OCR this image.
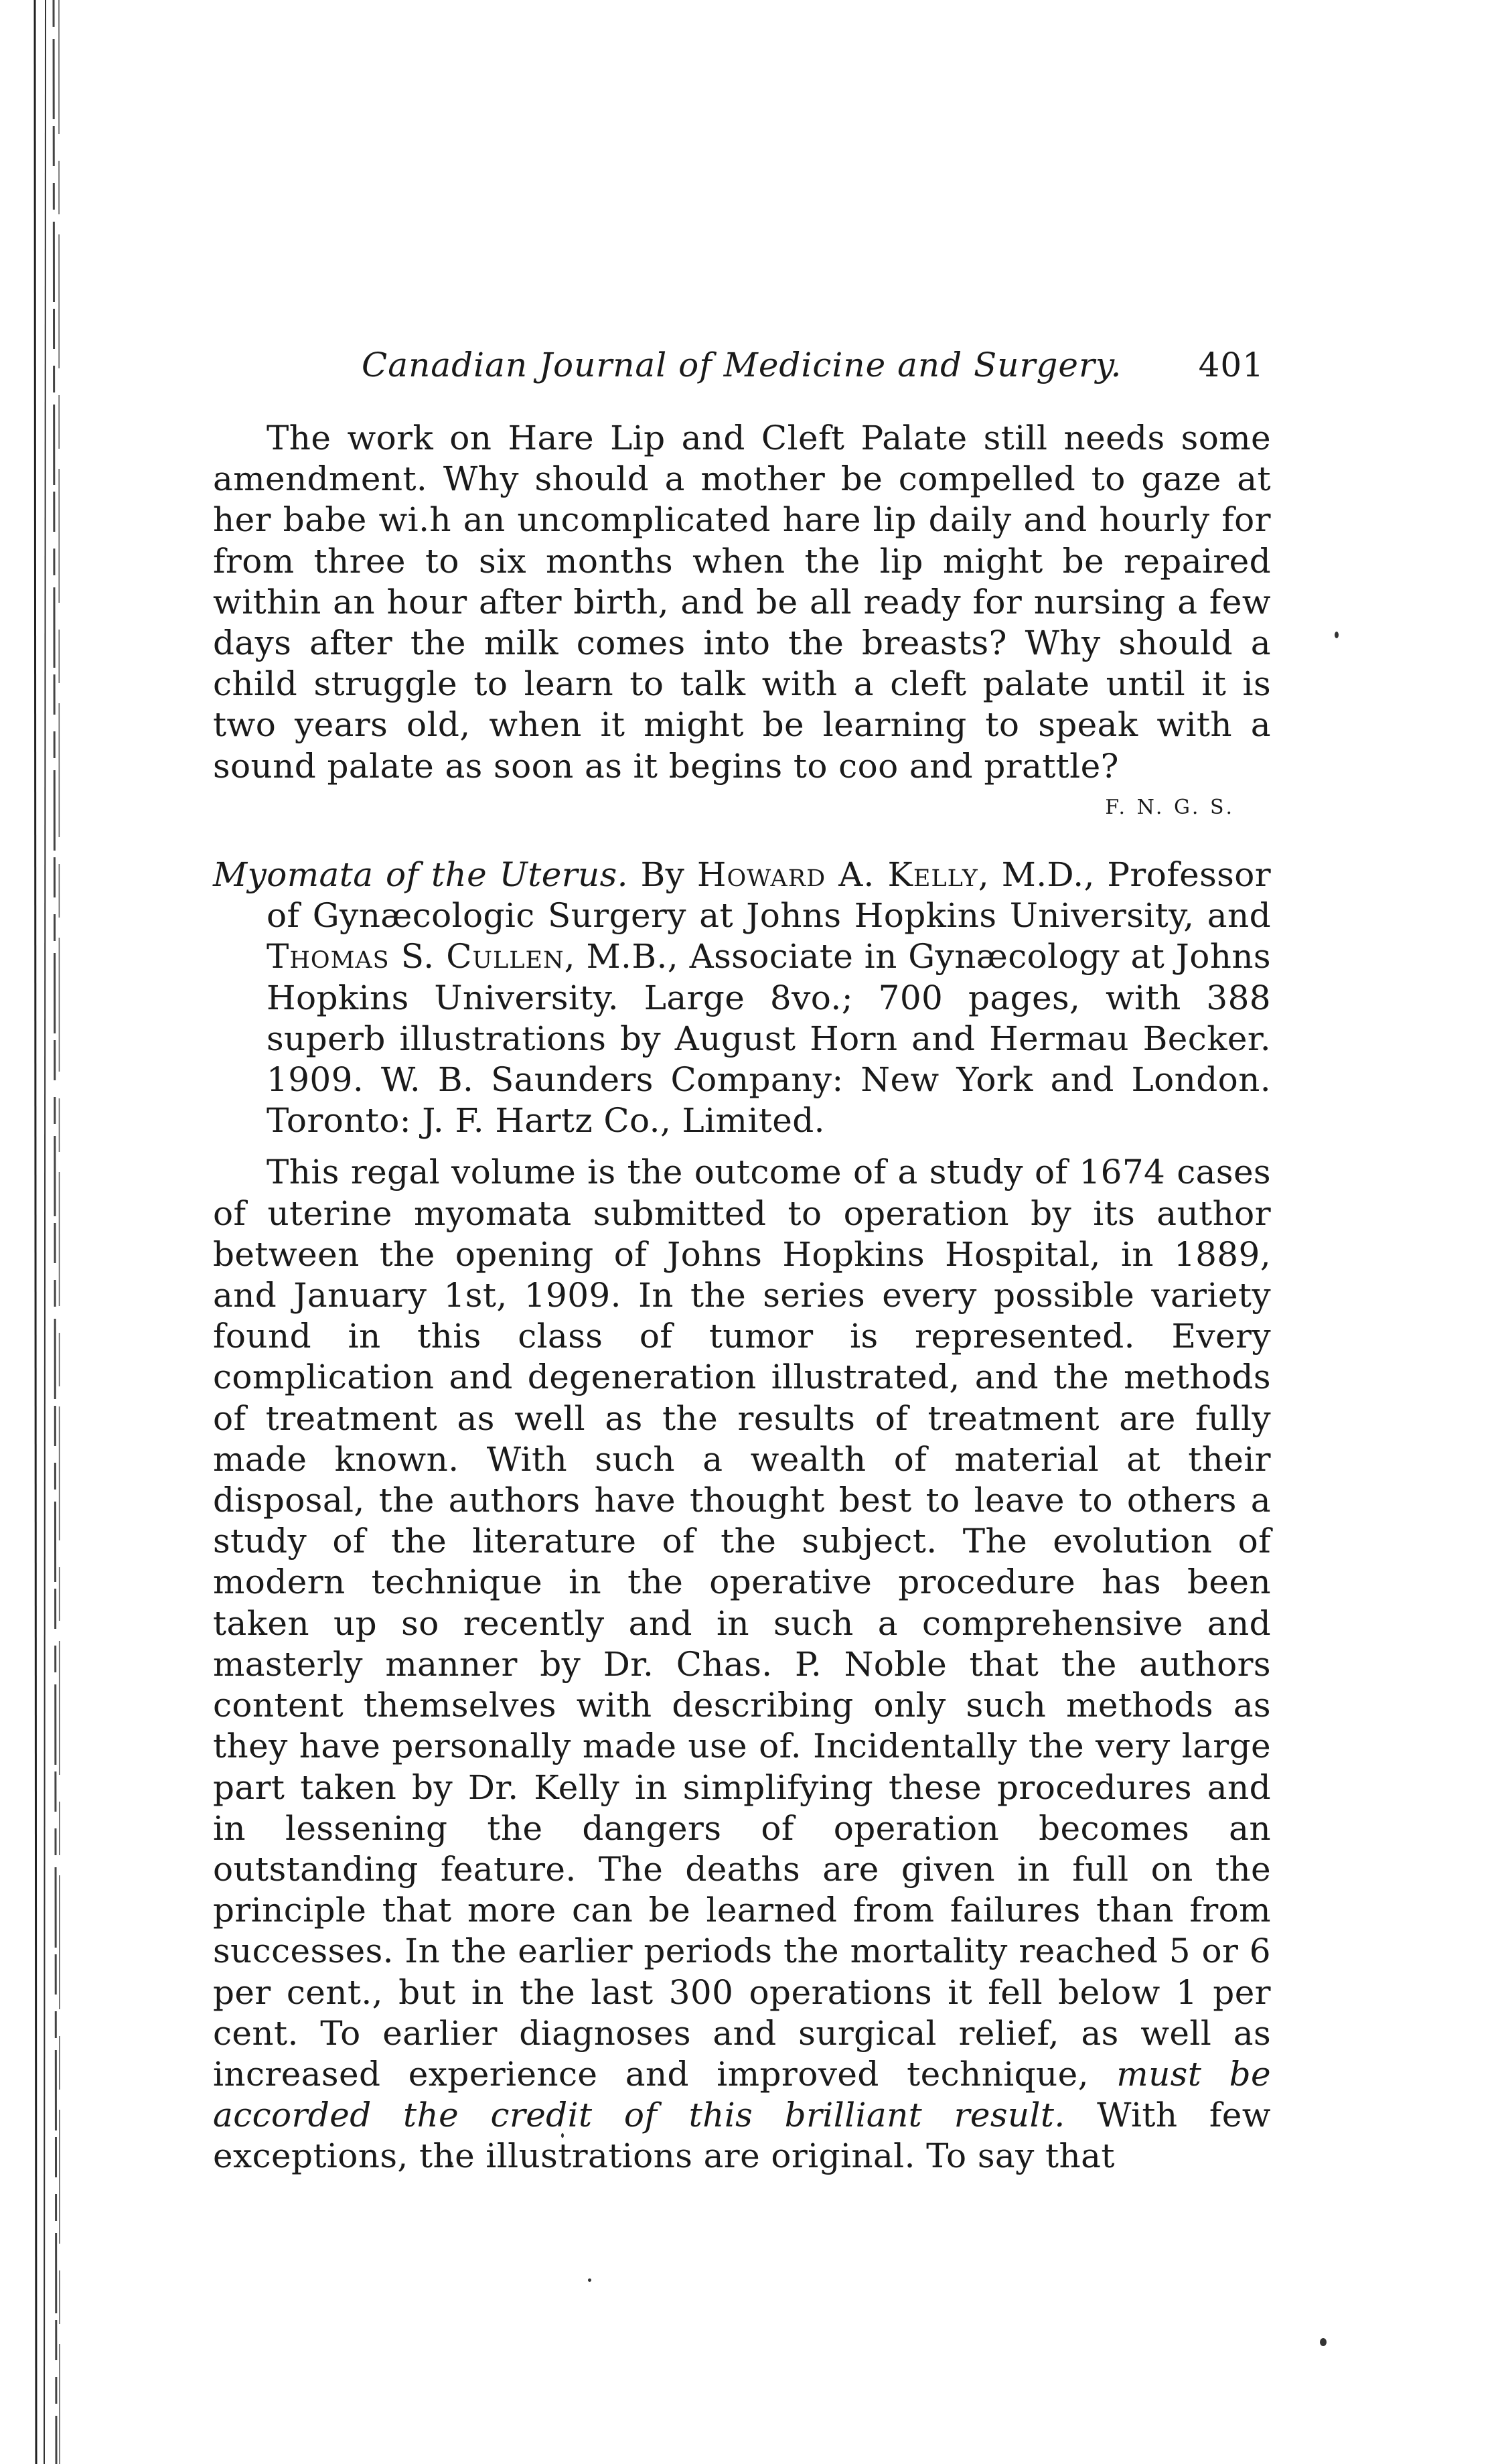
Canadian Journal of Medicine and Surgery. 401

The work on Hare Lip and Cleft Palate still needs some amendment. Why should a mother be compelled to gaze at her babe wi.h an uncomplicated hare lip daily and hourly for from three to six months when the lip might be repaired within an hour after birth, and be all ready for nursing a few days after the milk comes into the breasts? Why should a child struggle to learn to talk with a cleft palate until it is two years old, when it might be learning to speak with a sound palate as soon as it begins to coo and prattle?
F. N. G. S.

Myomata of the Uterus. By Howard A. Kelly, M.D., Professor of Gynæcologic Surgery at Johns Hopkins University, and Thomas S. Cullen, M.B., Associate in Gynæcology at Johns Hopkins University. Large 8vo.; 700 pages, with 388 superb illustrations by August Horn and Hermau Becker. 1909. W. B. Saunders Company: New York and London. Toronto: J. F. Hartz Co., Limited.

This regal volume is the outcome of a study of 1674 cases of uterine myomata submitted to operation by its author between the opening of Johns Hopkins Hospital, in 1889, and January 1st, 1909. In the series every possible variety found in this class of tumor is represented. Every complication and degeneration illustrated, and the methods of treatment as well as the results of treatment are fully made known. With such a wealth of material at their disposal, the authors have thought best to leave to others a study of the literature of the subject. The evolution of modern technique in the operative procedure has been taken up so recently and in such a comprehensive and masterly manner by Dr. Chas. P. Noble that the authors content themselves with describing only such methods as they have personally made use of. Incidentally the very large part taken by Dr. Kelly in simplifying these procedures and in lessening the dangers of operation becomes an outstanding feature. The deaths are given in full on the principle that more can be learned from failures than from successes. In the earlier periods the mortality reached 5 or 6 per cent., but in the last 300 operations it fell below 1 per cent. To earlier diagnoses and surgical relief, as well as increased experience and improved technique, must be accorded the credit of this brilliant result. With few exceptions, the illustrations are original. To say that
